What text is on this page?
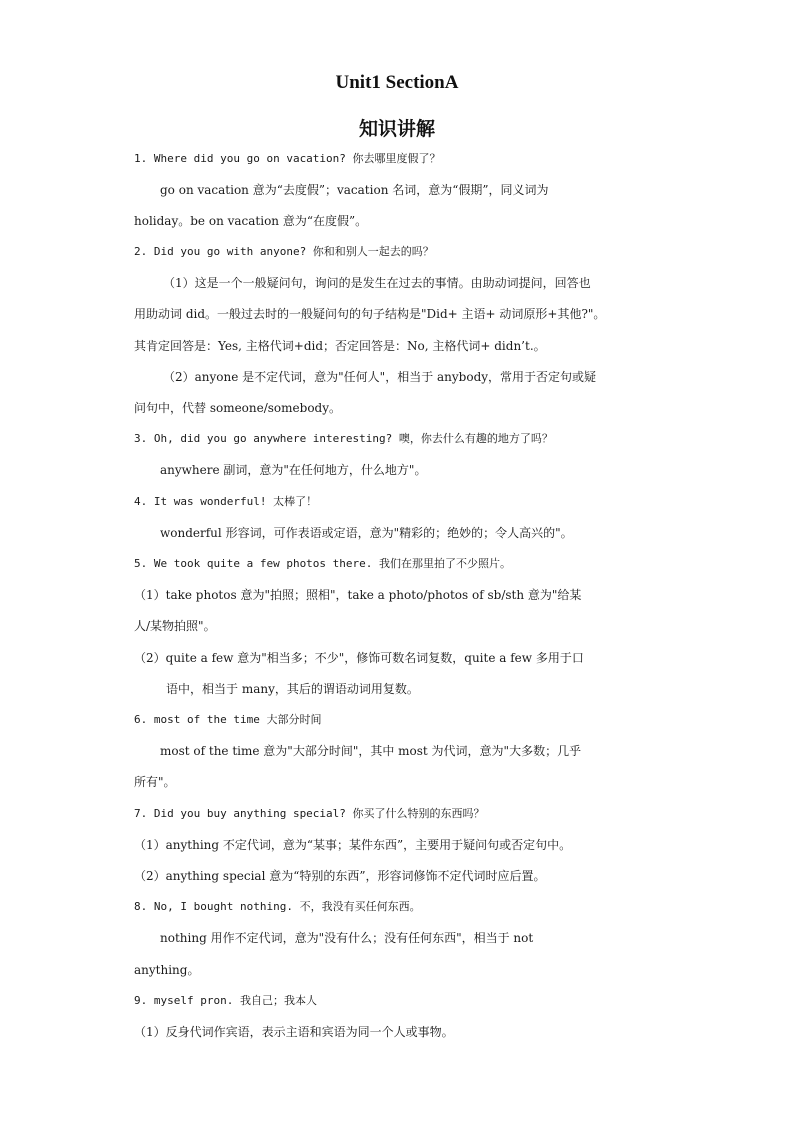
Unit1 SectionA
知识讲解
1. Where did you go on vacation? 你去哪里度假了？
go on vacation 意为“去度假”；vacation 名词，意为“假期”，同义词为
holiday。be on vacation 意为“在度假”。
2. Did you go with anyone? 你和和别人一起去的吗？
（1）这是一个一般疑问句，询问的是发生在过去的事情。由助动词提问，回答也
用助动词 did。一般过去时的一般疑问句的句子结构是"Did+ 主语+ 动词原形+其他?"。
其肯定回答是：Yes, 主格代词+did；否定回答是：No, 主格代词+ didn’t.。
（2）anyone 是不定代词，意为"任何人"，相当于 anybody，常用于否定句或疑
问句中，代替 someone/somebody。
3. Oh, did you go anywhere interesting? 噢，你去什么有趣的地方了吗？
anywhere 副词，意为"在任何地方，什么地方"。
4. It was wonderful! 太棒了！
wonderful 形容词，可作表语或定语，意为"精彩的；绝妙的；令人高兴的"。
5. We took quite a few photos there. 我们在那里拍了不少照片。
（1）take photos 意为"拍照；照相"，take a photo/photos of sb/sth 意为"给某
人/某物拍照"。
（2）quite a few 意为"相当多；不少"，修饰可数名词复数，quite a few 多用于口
语中，相当于 many，其后的谓语动词用复数。
6. most of the time 大部分时间
most of the time 意为"大部分时间"，其中 most 为代词，意为"大多数；几乎
所有"。
7. Did you buy anything special? 你买了什么特别的东西吗？
（1）anything 不定代词，意为“某事；某件东西”，主要用于疑问句或否定句中。
（2）anything special 意为“特别的东西”，形容词修饰不定代词时应后置。
8. No, I bought nothing. 不，我没有买任何东西。
nothing 用作不定代词，意为"没有什么；没有任何东西"，相当于 not
anything。
9. myself pron. 我自己；我本人
（1）反身代词作宾语，表示主语和宾语为同一个人或事物。
